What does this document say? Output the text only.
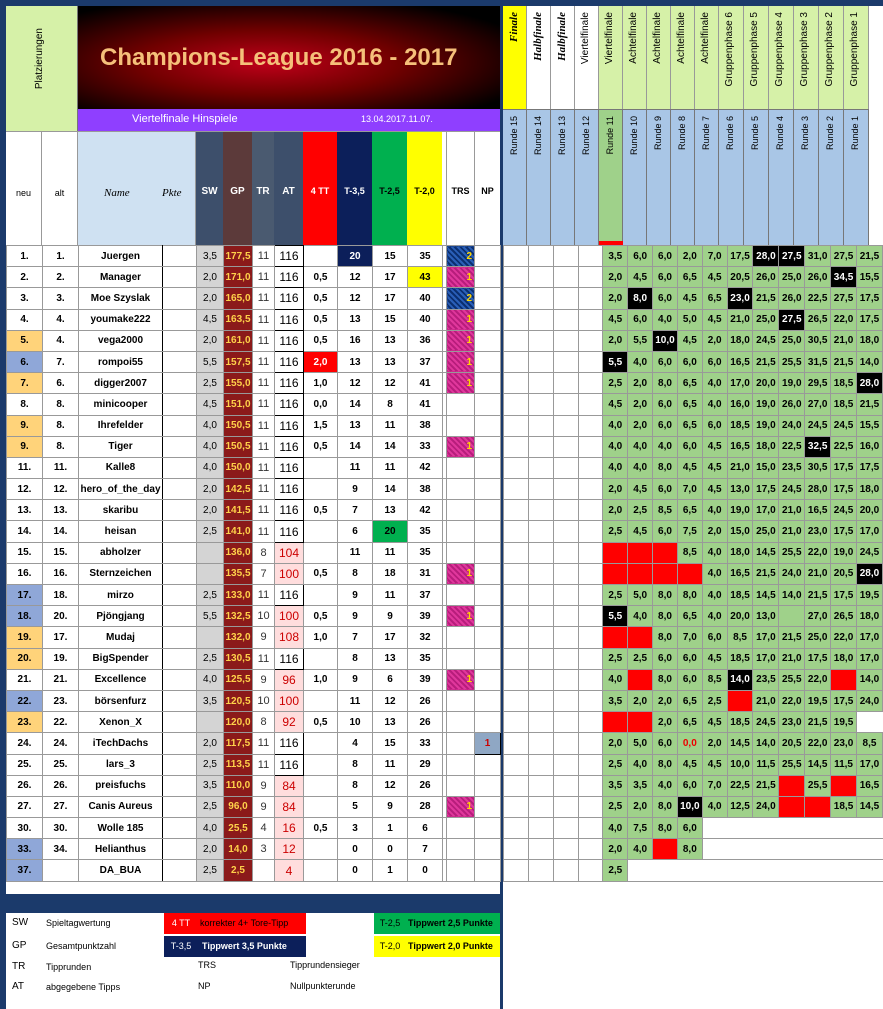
Platzierungen Champions-League 2016 - 2017
Viertelfinale Hinspiele	13.04.2017.11.07.
neu	alt	Name	Pkte	SW	GP	TR	AT	4 TT	T-3,5	T-2,5	T-2,0	TRS	NP
1.	1.	Juergen		3,5	177,5	11	116		20	15	35		2	
2.	2.	Manager		2,0	171,0	11	116	0,5	12	17	43		1	
3.	3.	Moe Szyslak		2,0	165,0	11	116	0,5	12	17	40		2	
4.	4.	youmake222		4,5	163,5	11	116	0,5	13	15	40		1	
5.	4.	vega2000		2,0	161,0	11	116	0,5	16	13	36		1	
6.	7.	rompoi55		5,5	157,5	11	116	2,0	13	13	37		1	
7.	6.	digger2007		2,5	155,0	11	116	1,0	12	12	41		1	
8.	8.	minicooper		4,5	151,0	11	116	0,0	14	8	41			
9.	8.	Ihrefelder		4,0	150,5	11	116	1,5	13	11	38			
9.	8.	Tiger		4,0	150,5	11	116	0,5	14	14	33		1	
11.	11.	Kalle8		4,0	150,0	11	116		11	11	42			
12.	12.	hero_of_the_day		2,0	142,5	11	116		9	14	38			
13.	13.	skaribu		2,0	141,5	11	116	0,5	7	13	42			
14.	14.	heisan		2,5	141,0	11	116		6	20	35			
15.	15.	abholzer			136,0	8	104		11	11	35			
16.	16.	Sternzeichen			135,5	7	100	0,5	8	18	31		1	
17.	18.	mirzo		2,5	133,0	11	116		9	11	37			
18.	20.	Pjöngjang		5,5	132,5	10	100	0,5	9	9	39		1	
19.	17.	Mudaj			132,0	9	108	1,0	7	17	32			
20.	19.	BigSpender		2,5	130,5	11	116		8	13	35			
21.	21.	Excellence		4,0	125,5	9	96	1,0	9	6	39		1	
22.	23.	börsenfurz		3,5	120,5	10	100		11	12	26			
23.	22.	Xenon_X			120,0	8	92	0,5	10	13	26			
24.	24.	iTechDachs		2,0	117,5	11	116		4	15	33			1
25.	25.	lars_3		2,5	113,5	11	116		8	11	29			
26.	26.	preisfuchs		3,5	110,0	9	84		8	12	26			
27.	27.	Canis Aureus		2,5	96,0	9	84		5	9	28		1	
30.	30.	Wolle 185		4,0	25,5	4	16	0,5	3	1	6			
33.	34.	Helianthus		2,0	14,0	3	12		0	0	7			
37.		DA_BUA		2,5	2,5		4		0	1	0			
SW Spieltagwertung
GP Gesamtpunktzahl
TR Tipprunden
AT abgegebene Tipps
4 TT	korrekter 4+ Tore-Tipp
T-3,5	Tippwert 3,5 Punkte
TRS	Tipprundensieger
NP	Nullpunkterunde
T-2,5 Tippwert 2,5 Punkte
T-2,0 Tippwert 2,0 Punkte
Finale Halbfinale Halbfinale Viertelfinale Viertelfinale Achtelfinale Achtelfinale Achtelfinale Achtelfinale Gruppenphase 6 Gruppenphase 5 Gruppenphase 4 Gruppenphase 3 Gruppenphase 2 Gruppenphase 1
Runde 15 Runde 14 Runde 13 Runde 12 Runde 11 Runde 10 Runde 9 Runde 8 Runde 7 Runde 6 Runde 5 Runde 4 Runde 3 Runde 2 Runde 1
				3,5	6,0	6,0	2,0	7,0	17,5	28,0	27,5	31,0	27,5	21,5
				2,0	4,5	6,0	6,5	4,5	20,5	26,0	25,0	26,0	34,5	15,5
				2,0	8,0	6,0	4,5	6,5	23,0	21,5	26,0	22,5	27,5	17,5
				4,5	6,0	4,0	5,0	4,5	21,0	25,0	27,5	26,5	22,0	17,5
				2,0	5,5	10,0	4,5	2,0	18,0	24,5	25,0	30,5	21,0	18,0
				5,5	4,0	6,0	6,0	6,0	16,5	21,5	25,5	31,5	21,5	14,0
				2,5	2,0	8,0	6,5	4,0	17,0	20,0	19,0	29,5	18,5	28,0
				4,5	2,0	6,0	6,5	4,0	16,0	19,0	26,0	27,0	18,5	21,5
				4,0	2,0	6,0	6,5	6,0	18,5	19,0	24,0	24,5	24,5	15,5
				4,0	4,0	4,0	6,0	4,5	16,5	18,0	22,5	32,5	22,5	16,0
				4,0	4,0	8,0	4,5	4,5	21,0	15,0	23,5	30,5	17,5	17,5
				2,0	4,5	6,0	7,0	4,5	13,0	17,5	24,5	28,0	17,5	18,0
				2,0	2,5	8,5	6,5	4,0	19,0	17,0	21,0	16,5	24,5	20,0
				2,5	4,5	6,0	7,5	2,0	15,0	25,0	21,0	23,0	17,5	17,0
							8,5	4,0	18,0	14,5	25,5	22,0	19,0	24,5
								4,0	16,5	21,5	24,0	21,0	20,5	28,0
				2,5	5,0	8,0	8,0	4,0	18,5	14,5	14,0	21,5	17,5	19,5
				5,5	4,0	8,0	6,5	4,0	20,0	13,0		27,0	26,5	18,0
						8,0	7,0	6,0	8,5	17,0	21,5	25,0	22,0	17,0
				2,5	2,5	6,0	6,0	4,5	18,5	17,0	21,0	17,5	18,0	17,0
				4,0		8,0	6,0	8,5	14,0	23,5	25,5	22,0		14,0
				3,5	2,0	2,0	6,5	2,5		21,0	22,0	19,5	17,5	24,0
						2,0	6,5	4,5	18,5	24,5	23,0	21,5	19,5	
				2,0	5,0	6,0	0,0	2,0	14,5	14,0	20,5	22,0	23,0	8,5
				2,5	4,0	8,0	4,5	4,5	10,0	11,5	25,5	14,5	11,5	17,0
				3,5	3,5	4,0	6,0	7,0	22,5	21,5		25,5		16,5
				2,5	2,0	8,0	10,0	4,0	12,5	24,0			18,5	14,5
				4,0	7,5	8,0	6,0							
				2,0	4,0		8,0							
				2,5										
